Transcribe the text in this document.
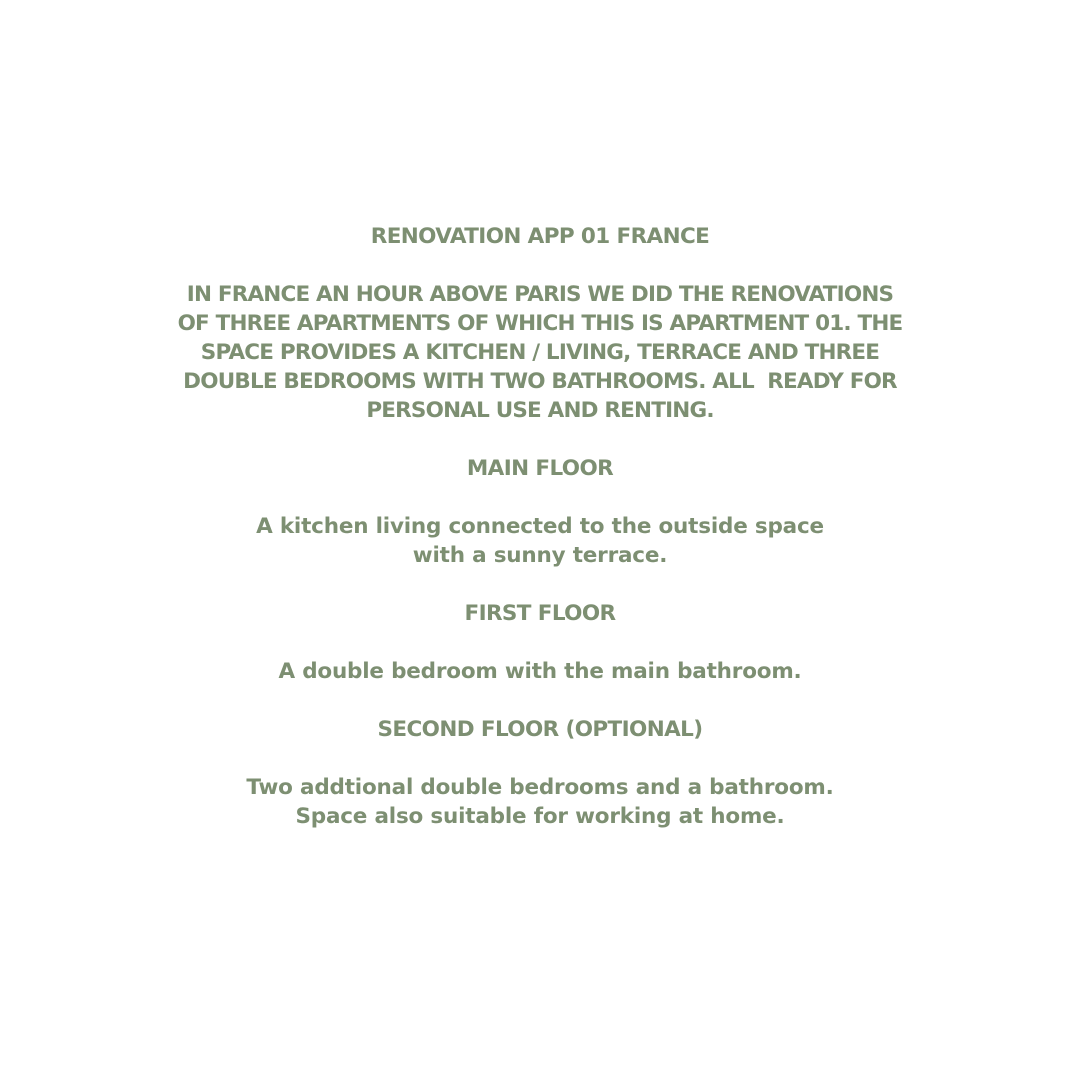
RENOVATION APP 01 FRANCE
IN FRANCE AN HOUR ABOVE PARIS WE DID THE RENOVATIONS
OF THREE APARTMENTS OF WHICH THIS IS APARTMENT 01. THE
SPACE PROVIDES A KITCHEN / LIVING, TERRACE AND THREE
DOUBLE BEDROOMS WITH TWO BATHROOMS. ALL  READY FOR
PERSONAL USE AND RENTING.
MAIN FLOOR
A kitchen living connected to the outside space
with a sunny terrace.
FIRST FLOOR
A double bedroom with the main bathroom.
SECOND FLOOR (OPTIONAL)
Two addtional double bedrooms and a bathroom.
Space also suitable for working at home.
